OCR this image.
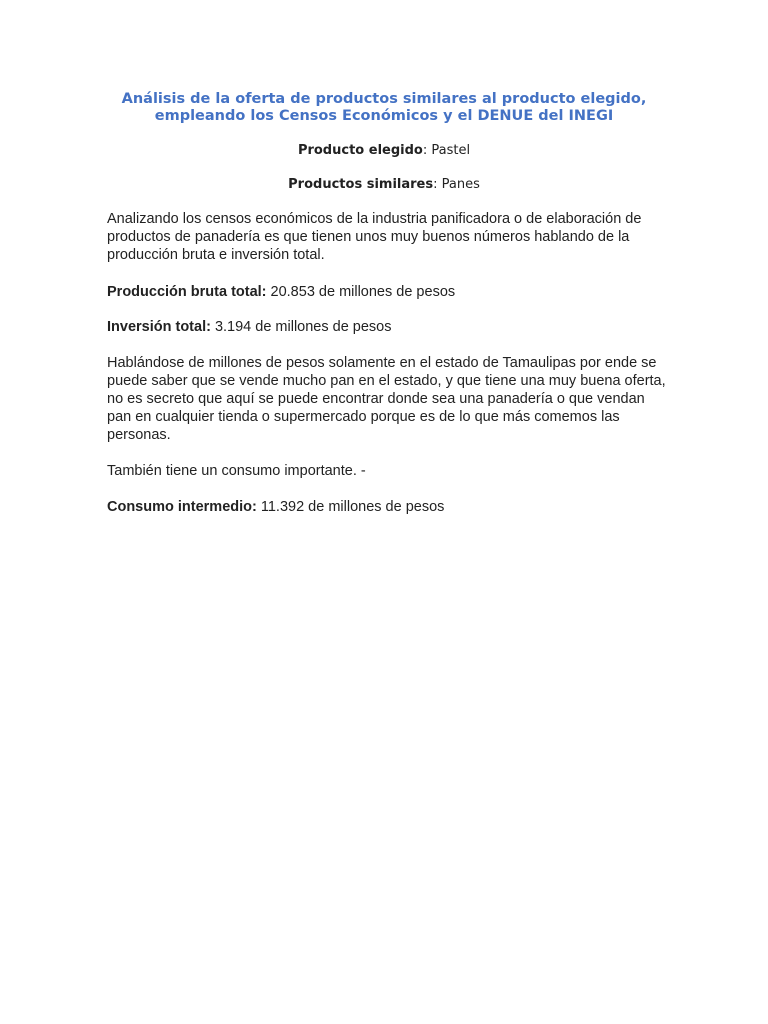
Análisis de la oferta de productos similares al producto elegido,
empleando los Censos Económicos y el DENUE del INEGI
Producto elegido: Pastel
Productos similares: Panes
Analizando los censos económicos de la industria panificadora o de elaboración de productos de panadería es que tienen unos muy buenos números hablando de la producción bruta e inversión total.
Producción bruta total: 20.853 de millones de pesos
Inversión total: 3.194 de millones de pesos
Hablándose de millones de pesos solamente en el estado de Tamaulipas por ende se puede saber que se vende mucho pan en el estado, y que tiene una muy buena oferta, no es secreto que aquí se puede encontrar donde sea una panadería o que vendan pan en cualquier tienda o supermercado porque es de lo que más comemos las personas.
También tiene un consumo importante. -
Consumo intermedio: 11.392 de millones de pesos
